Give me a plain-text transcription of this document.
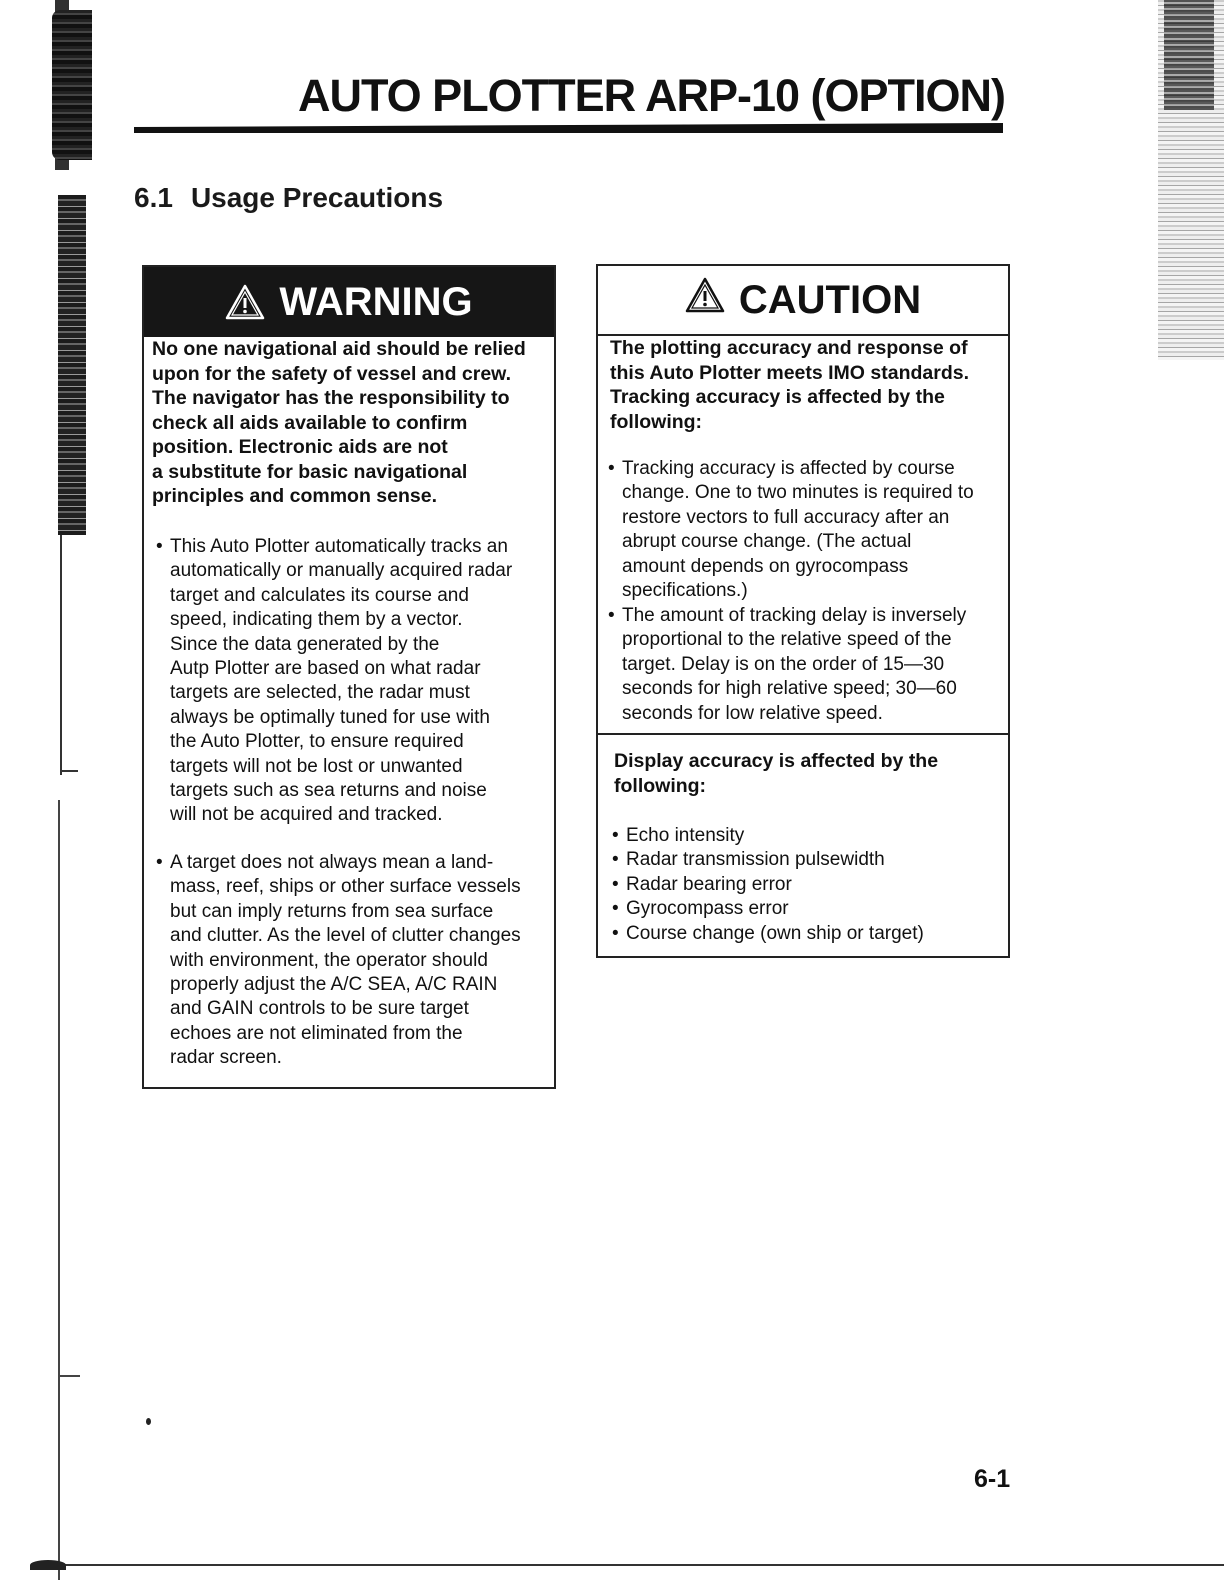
AUTO PLOTTER ARP-10 (OPTION)
6.1 Usage Precautions
WARNING

No one navigational aid should be relied
upon for the safety of vessel and crew.
The navigator has the responsibility to
check all aids available to confirm
position. Electronic aids are not
a substitute for basic navigational
principles and common sense.

• This Auto Plotter automatically tracks an
automatically or manually acquired radar
target and calculates its course and
speed, indicating them by a vector.
Since the data generated by the
Autp Plotter are based on what radar
targets are selected, the radar must
always be optimally tuned for use with
the Auto Plotter, to ensure required
targets will not be lost or unwanted
targets such as sea returns and noise
will not be acquired and tracked.
• A target does not always mean a land-
mass, reef, ships or other surface vessels
but can imply returns from sea surface
and clutter. As the level of clutter changes
with environment, the operator should
properly adjust the A/C SEA, A/C RAIN
and GAIN controls to be sure target
echoes are not eliminated from the
radar screen.
CAUTION

The plotting accuracy and response of
this Auto Plotter meets IMO standards.
Tracking accuracy is affected by the
following:

• Tracking accuracy is affected by course
change. One to two minutes is required to
restore vectors to full accuracy after an
abrupt course change. (The actual
amount depends on gyrocompass
specifications.)
• The amount of tracking delay is inversely
proportional to the relative speed of the
target. Delay is on the order of 15—30
seconds for high relative speed; 30—60
seconds for low relative speed.

Display accuracy is affected by the
following:

• Echo intensity
• Radar transmission pulsewidth
• Radar bearing error
• Gyrocompass error
• Course change (own ship or target)

6-1
